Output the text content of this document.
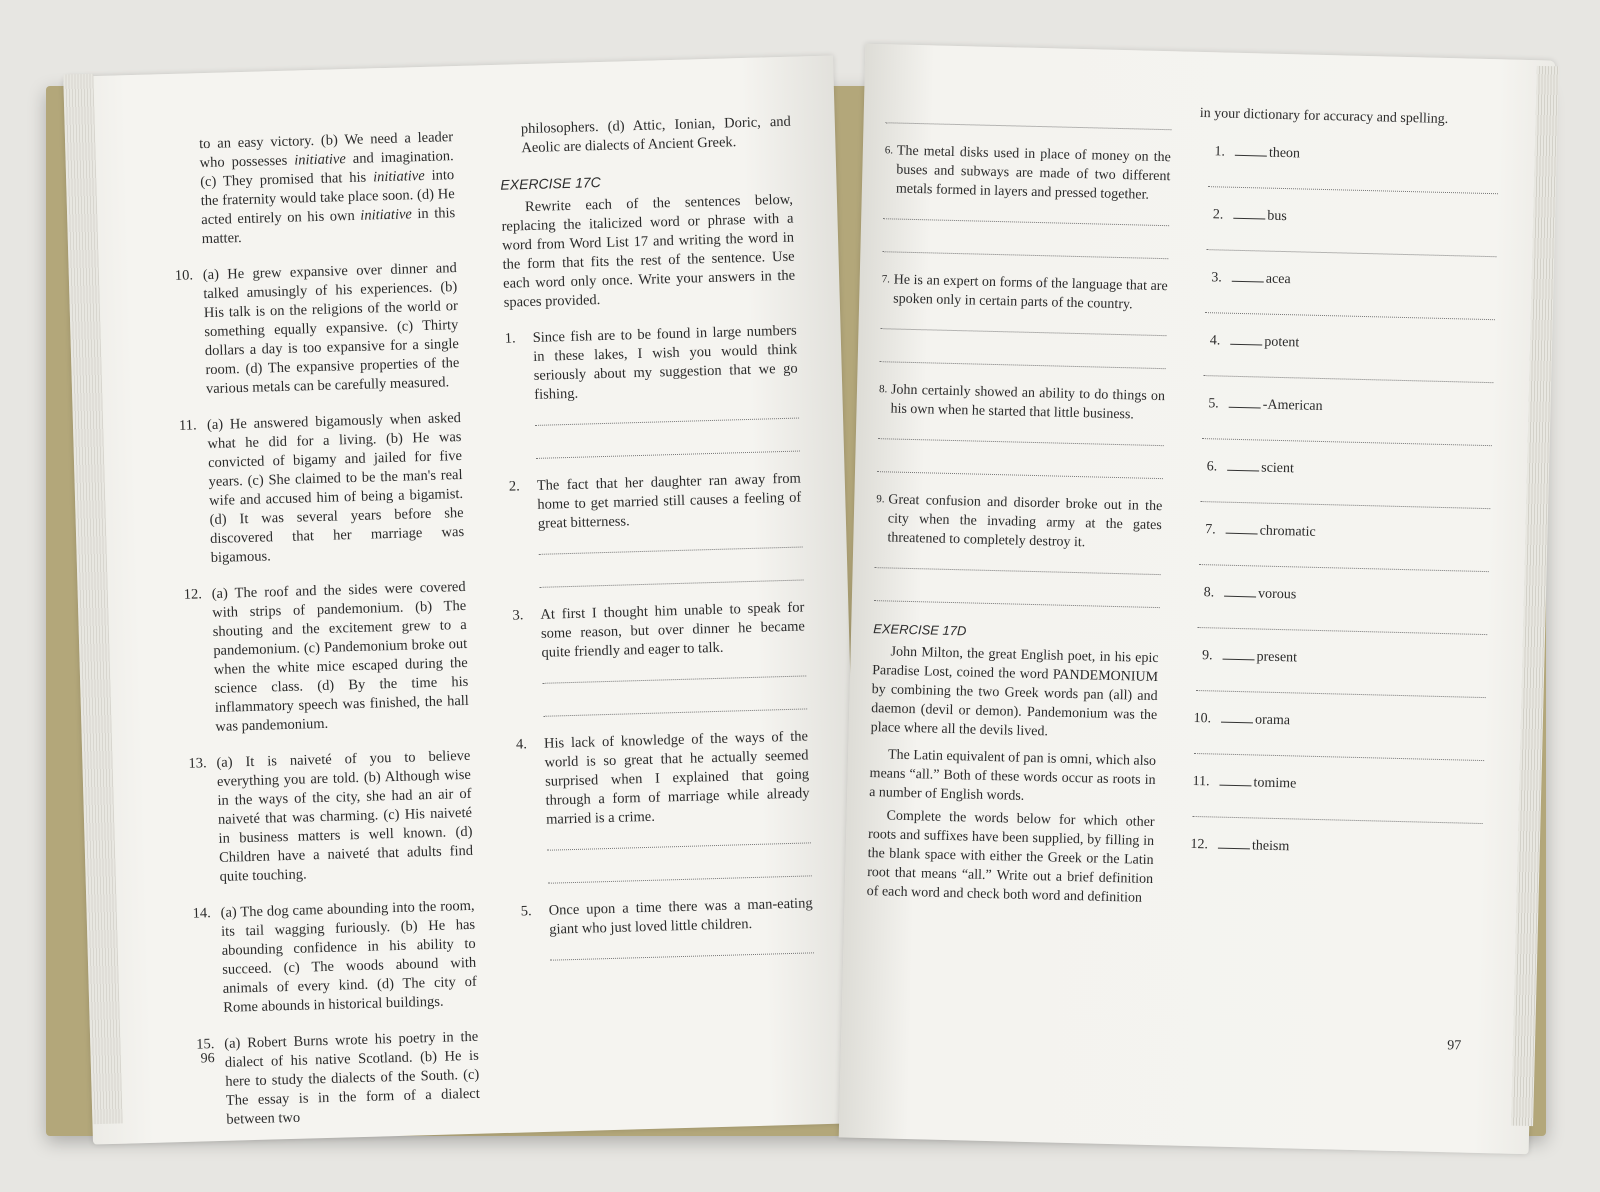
to an easy victory. (b) We need a leader who possesses initiative and imagination. (c) They promised that his initiative into the fraternity would take place soon. (d) He acted entirely on his own initiative in this matter.

10. (a) He grew expansive over dinner and talked amusingly of his experiences. (b) His talk is on the religions of the world or something equally expansive. (c) Thirty dollars a day is too expansive for a single room. (d) The expansive properties of the various metals can be carefully measured.
11. (a) He answered bigamously when asked what he did for a living. (b) He was convicted of bigamy and jailed for five years. (c) She claimed to be the man's real wife and accused him of being a bigamist. (d) It was several years before she discovered that her marriage was bigamous.
12. (a) The roof and the sides were covered with strips of pandemonium. (b) The shouting and the excitement grew to a pandemonium. (c) Pandemonium broke out when the white mice escaped during the science class. (d) By the time his inflammatory speech was finished, the hall was pandemonium.
13. (a) It is naiveté of you to believe everything you are told. (b) Although wise in the ways of the city, she had an air of naiveté that was charming. (c) His naiveté in business matters is well known. (d) Children have a naiveté that adults find quite touching.
14. (a) The dog came abounding into the room, its tail wagging furiously. (b) He has abounding confidence in his ability to succeed. (c) The woods abound with animals of every kind. (d) The city of Rome abounds in historical buildings.
15. (a) Robert Burns wrote his poetry in the dialect of his native Scotland. (b) He is here to study the dialects of the South. (c) The essay is in the form of a dialect between two

philosophers. (d) Attic, Ionian, Doric, and Aeolic are dialects of Ancient Greek.

EXERCISE 17C

Rewrite each of the sentences below, replacing the italicized word or phrase with a word from Word List 17 and writing the word in the form that fits the rest of the sentence. Use each word only once. Write your answers in the spaces provided.

1. Since fish are to be found in large numbers in these lakes, I wish you would think seriously about my suggestion that we go fishing.
2. The fact that her daughter ran away from home to get married still causes a feeling of great bitterness.
3. At first I thought him unable to speak for some reason, but over dinner he became quite friendly and eager to talk.
4. His lack of knowledge of the ways of the world is so great that he actually seemed surprised when I explained that going through a form of marriage while already married is a crime.
5. Once upon a time there was a man-eating giant who just loved little children.
96
6. The metal disks used in place of money on the buses and subways are made of two different metals formed in layers and pressed together.
7. He is an expert on forms of the language that are spoken only in certain parts of the country.
8. John certainly showed an ability to do things on his own when he started that little business.
9. Great confusion and disorder broke out in the city when the invading army at the gates threatened to completely destroy it.
EXERCISE 17D

John Milton, the great English poet, in his epic Paradise Lost, coined the word PANDEMONIUM by combining the two Greek words pan (all) and daemon (devil or demon). Pandemonium was the place where all the devils lived.

The Latin equivalent of pan is omni, which also means “all.” Both of these words occur as roots in a number of English words.

Complete the words below for which other roots and suffixes have been supplied, by filling in the blank space with either the Greek or the Latin root that means “all.” Write out a brief definition of each word and check both word and definition

in your dictionary for accuracy and spelling.
1.	theon
2.	bus
3.	acea
4.	potent
5.	-American
6.	scient
7.	chromatic
8.	vorous
9.	present
10.	orama
11.	tomime
12.	theism
97
